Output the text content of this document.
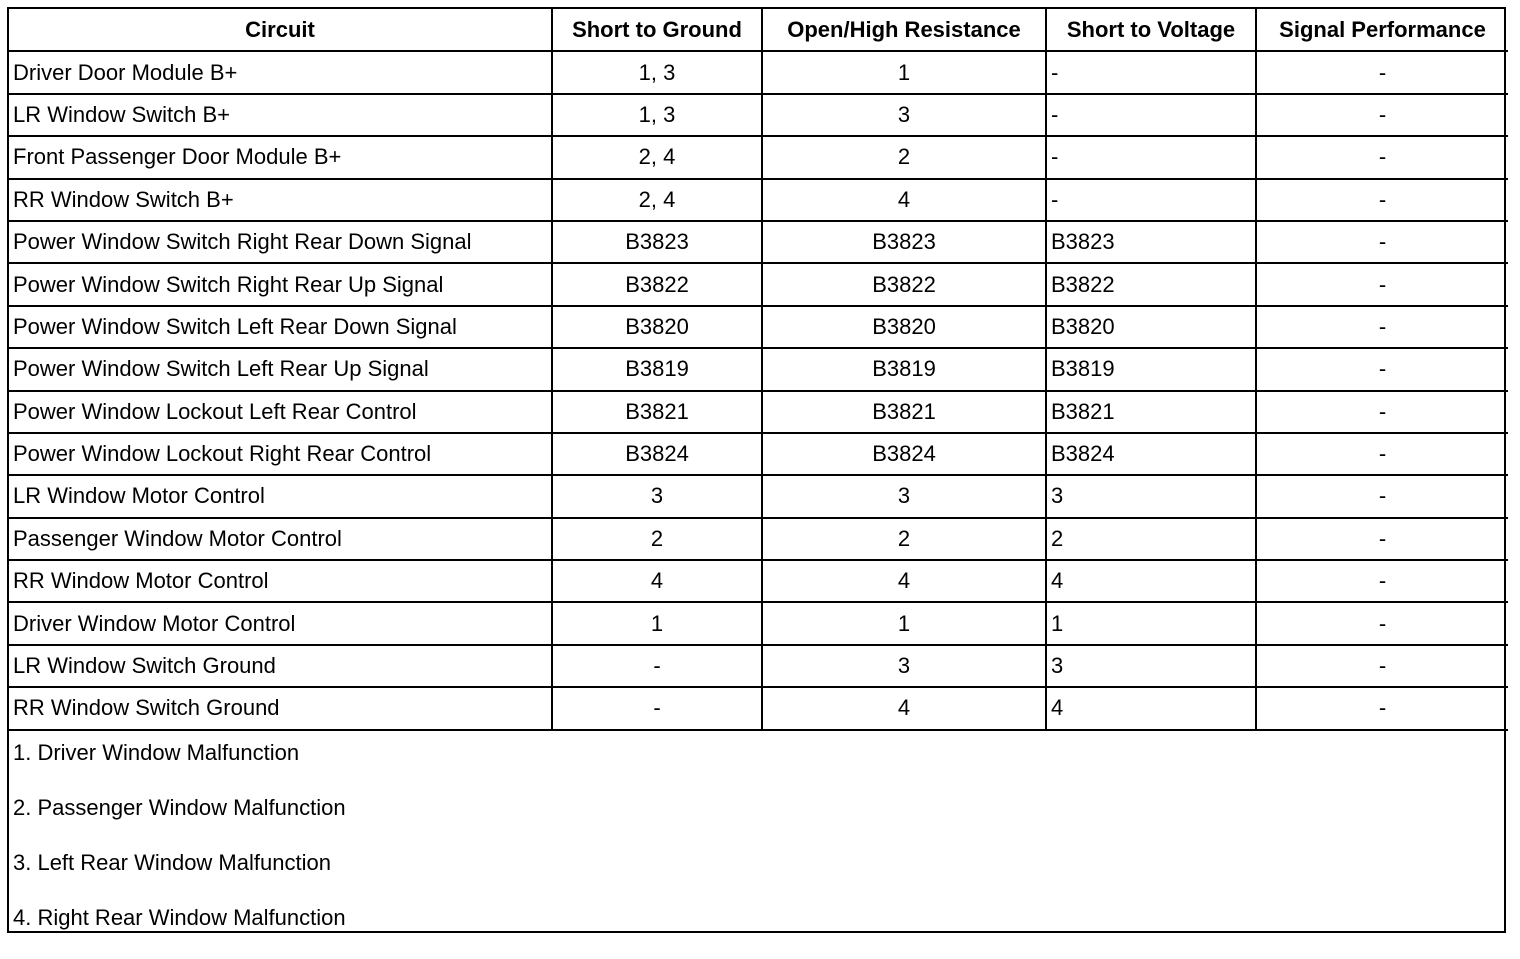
Circuit	Short to Ground	Open/High Resistance	Short to Voltage	Signal Performance
Driver Door Module B+	1, 3	1	-	-
LR Window Switch B+	1, 3	3	-	-
Front Passenger Door Module B+	2, 4	2	-	-
RR Window Switch B+	2, 4	4	-	-
Power Window Switch Right Rear Down Signal	B3823	B3823	B3823	-
Power Window Switch Right Rear Up Signal	B3822	B3822	B3822	-
Power Window Switch Left Rear Down Signal	B3820	B3820	B3820	-
Power Window Switch Left Rear Up Signal	B3819	B3819	B3819	-
Power Window Lockout Left Rear Control	B3821	B3821	B3821	-
Power Window Lockout Right Rear Control	B3824	B3824	B3824	-
LR Window Motor Control	3	3	3	-
Passenger Window Motor Control	2	2	2	-
RR Window Motor Control	4	4	4	-
Driver Window Motor Control	1	1	1	-
LR Window Switch Ground	-	3	3	-
RR Window Switch Ground	-	4	4	-
1. Driver Window Malfunction
2. Passenger Window Malfunction
3. Left Rear Window Malfunction
4. Right Rear Window Malfunction
